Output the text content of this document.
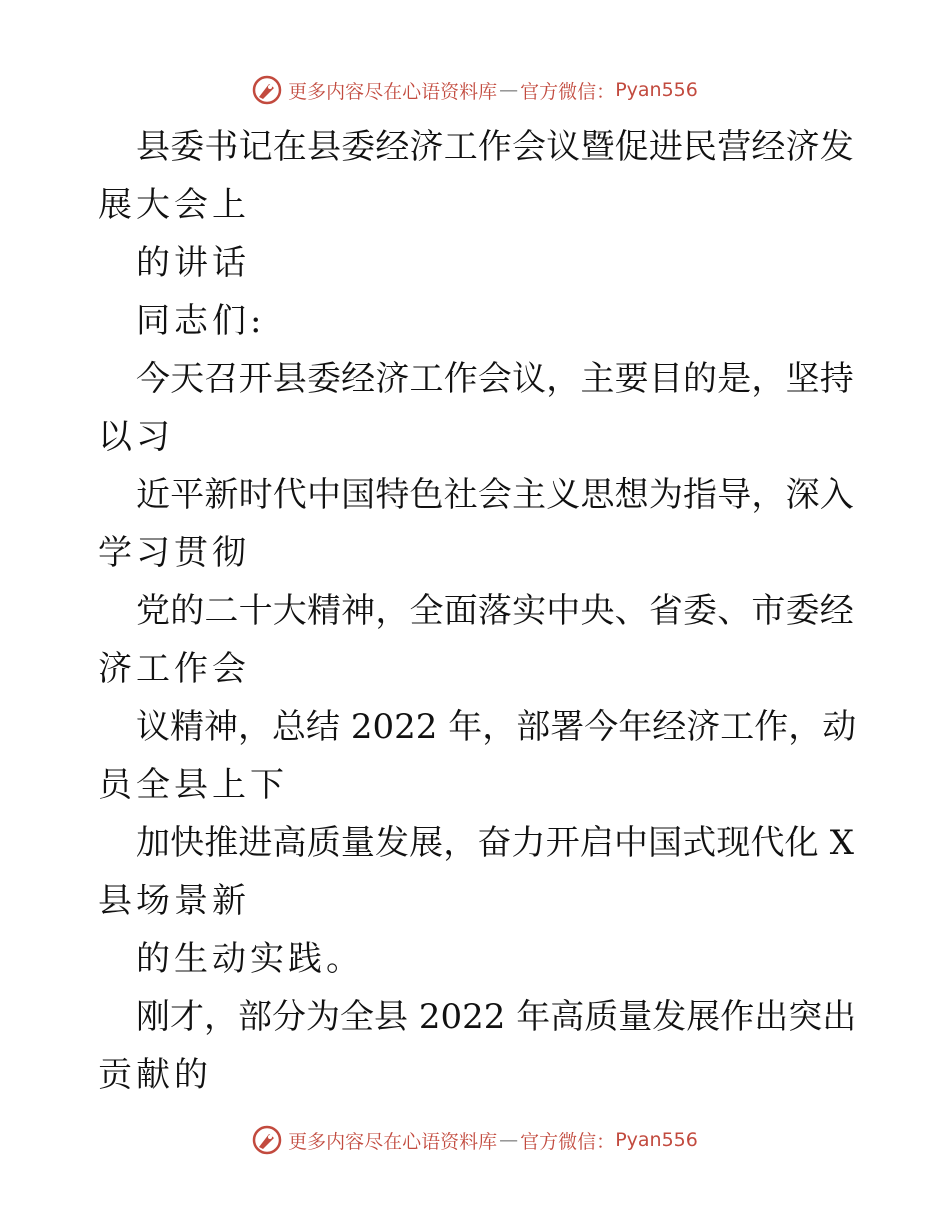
更多内容尽在心语资料库 — 官方微信： Pyan556
县 委 书 记 在 县 委 经 济 工 作 会 议 暨 促 进 民 营 经 济 发
展大会上
的讲话
同志们:
今 天 召 开 县 委 经 济 工 作 会 议 ， 主 要 目 的 是 ， 坚 持
以习
近 平 新 时 代 中 国 特 色 社 会 主 义 思 想 为 指 导 ， 深 入
学习贯彻
党 的 二 十 大 精 神 ， 全 面 落 实 中 央 、 省 委 、 市 委 经
济工作会
议 精 神 ， 总 结
2 0 2 2
年 ， 部 署 今 年 经 济 工 作 ， 动
员全县上下
加 快 推 进 高 质 量 发 展 ， 奋 力 开 启 中 国 式 现 代 化
X
县场景新
的生动实践。
刚 才 ， 部 分 为 全 县
2 0 2 2
年 高 质 量 发 展 作 出 突 出
贡献的
更多内容尽在心语资料库 — 官方微信： Pyan556
